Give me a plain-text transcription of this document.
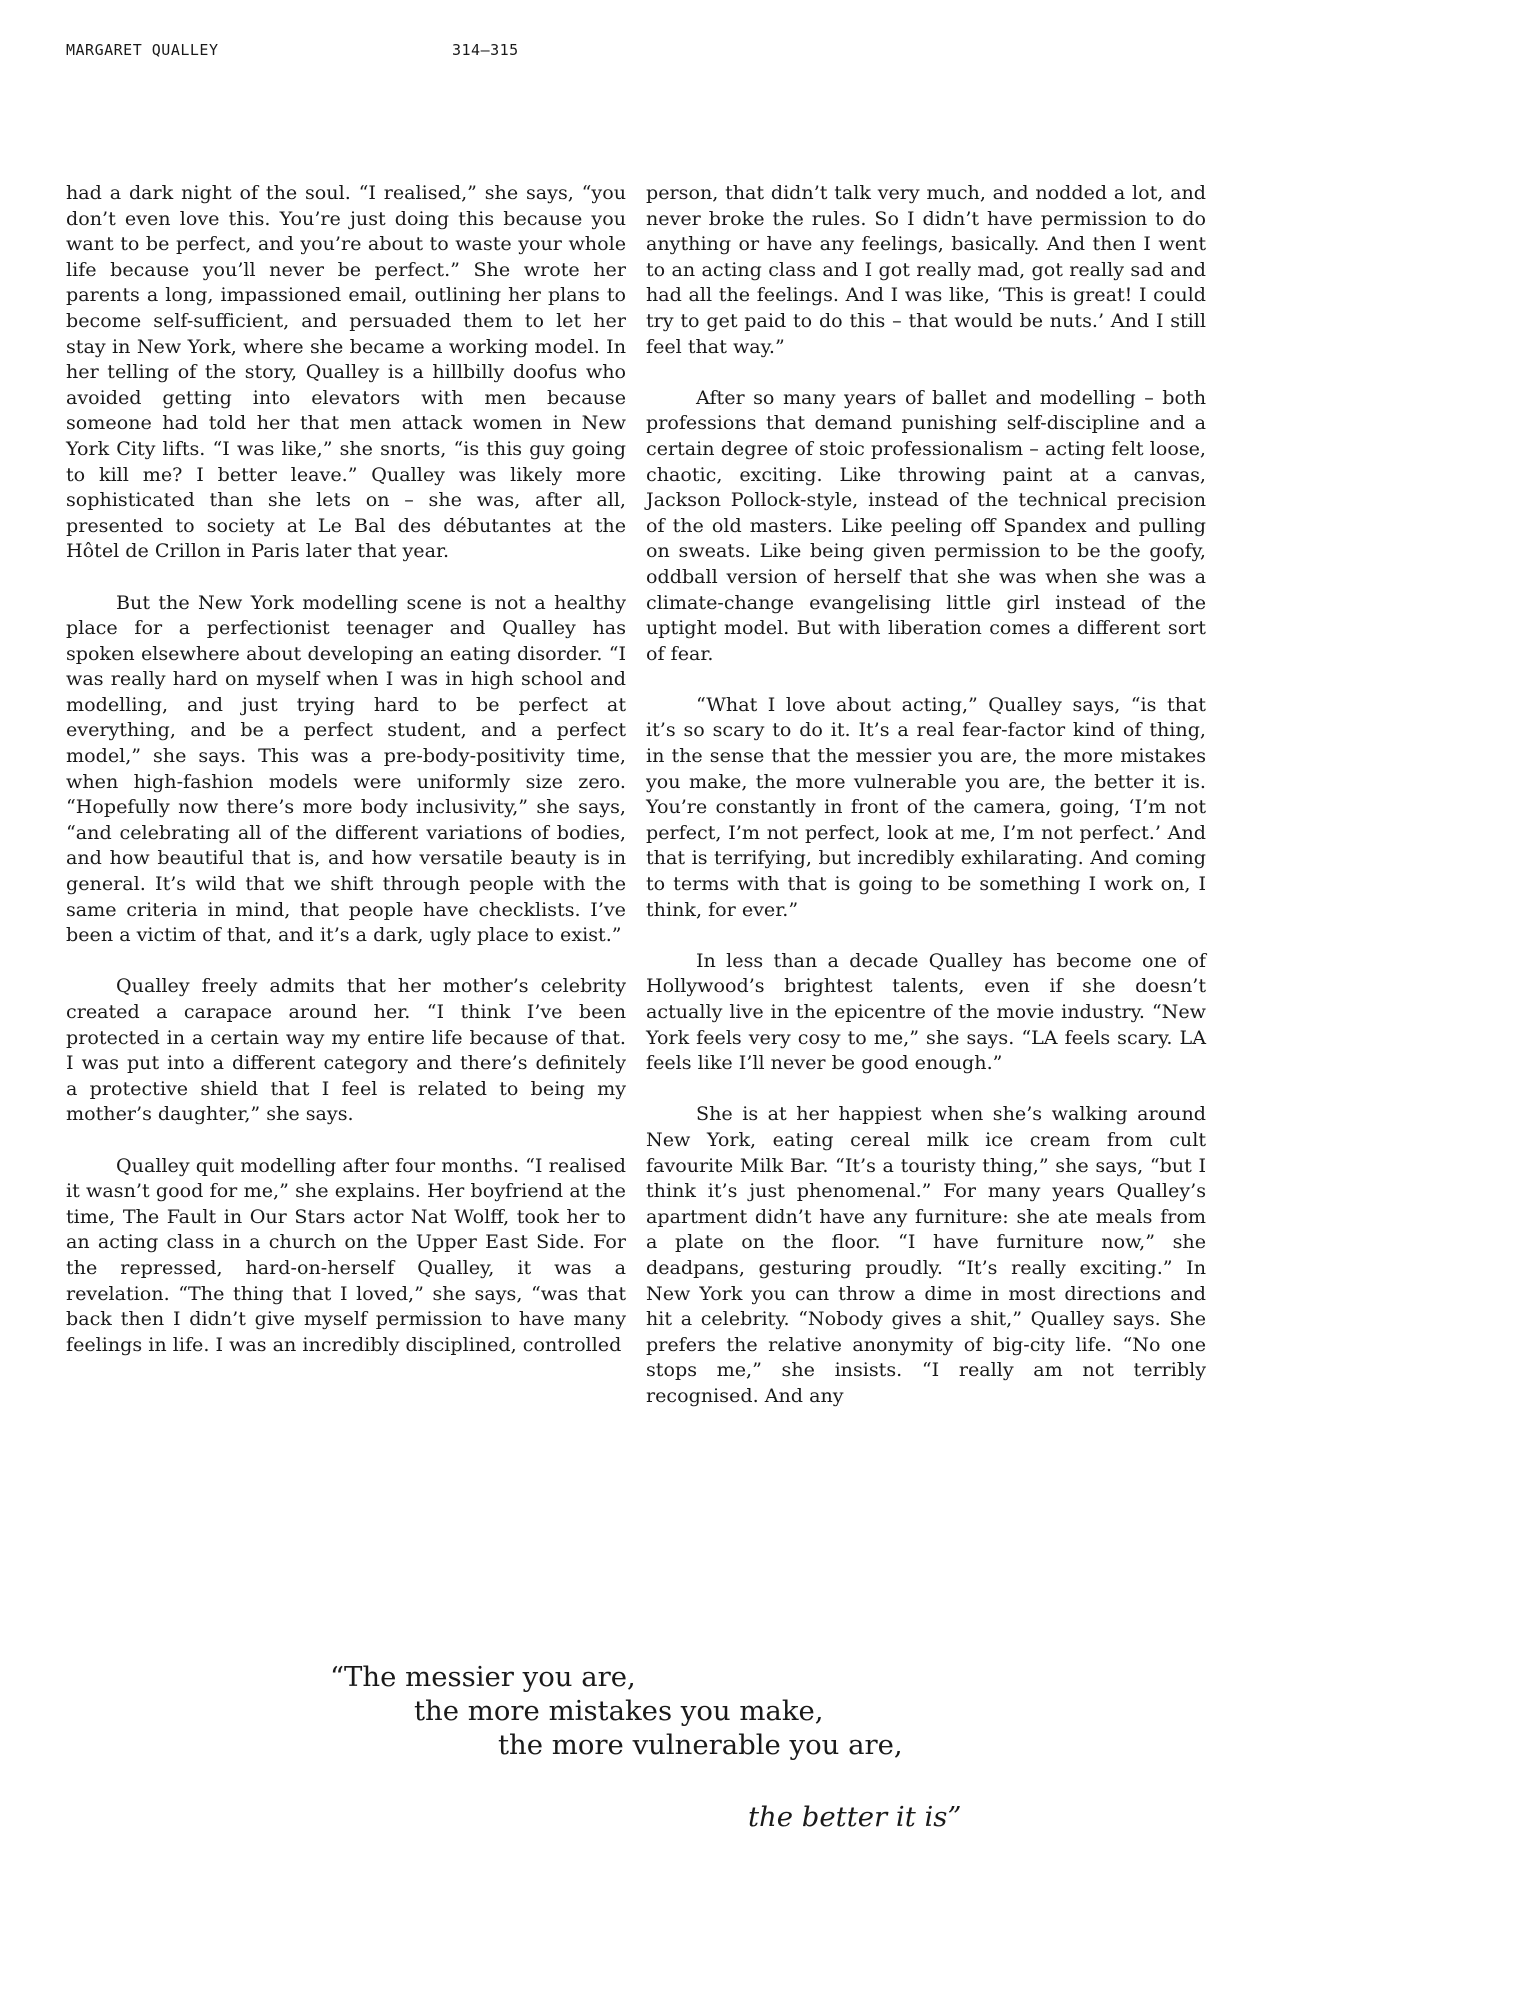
MARGARET QUALLEY	314—315

had a dark night of the soul. “I realised,” she says, “you don’t even love this. You’re just doing this because you want to be perfect, and you’re about to waste your whole life because you’ll never be perfect.” She wrote her parents a long, impassioned email, outlining her plans to become self-sufficient, and persuaded them to let her stay in New York, where she became a working model. In her telling of the story, Qualley is a hillbilly doofus who avoided getting into elevators with men because someone had told her that men attack women in New York City lifts. “I was like,” she snorts, “is this guy going to kill me? I better leave.” Qualley was likely more sophisticated than she lets on – she was, after all, presented to society at Le Bal des débutantes at the Hôtel de Crillon in Paris later that year.

But the New York modelling scene is not a healthy place for a perfectionist teenager and Qualley has spoken elsewhere about developing an eating disorder. “I was really hard on myself when I was in high school and modelling, and just trying hard to be perfect at everything, and be a perfect student, and a perfect model,” she says. This was a pre-body-positivity time, when high-fashion models were uniformly size zero. “Hopefully now there’s more body inclusivity,” she says, “and celebrating all of the different variations of bodies, and how beautiful that is, and how versatile beauty is in general. It’s wild that we shift through people with the same criteria in mind, that people have checklists. I’ve been a victim of that, and it’s a dark, ugly place to exist.”

Qualley freely admits that her mother’s celebrity created a carapace around her. “I think I’ve been protected in a certain way my entire life because of that. I was put into a different category and there’s definitely a protective shield that I feel is related to being my mother’s daughter,” she says.

Qualley quit modelling after four months. “I realised it wasn’t good for me,” she explains. Her boyfriend at the time, The Fault in Our Stars actor Nat Wolff, took her to an acting class in a church on the Upper East Side. For the repressed, hard-on-herself Qualley, it was a revelation. “The thing that I loved,” she says, “was that back then I didn’t give myself permission to have many feelings in life. I was an incredibly disciplined, controlled

person, that didn’t talk very much, and nodded a lot, and never broke the rules. So I didn’t have permission to do anything or have any feelings, basically. And then I went to an acting class and I got really mad, got really sad and had all the feelings. And I was like, ‘This is great! I could try to get paid to do this – that would be nuts.’ And I still feel that way.”

After so many years of ballet and modelling – both professions that demand punishing self-discipline and a certain degree of stoic professionalism – acting felt loose, chaotic, exciting. Like throwing paint at a canvas, Jackson Pollock-style, instead of the technical precision of the old masters. Like peeling off Spandex and pulling on sweats. Like being given permission to be the goofy, oddball version of herself that she was when she was a climate-change evangelising little girl instead of the uptight model. But with liberation comes a different sort of fear.

“What I love about acting,” Qualley says, “is that it’s so scary to do it. It’s a real fear-factor kind of thing, in the sense that the messier you are, the more mistakes you make, the more vulnerable you are, the better it is. You’re constantly in front of the camera, going, ‘I’m not perfect, I’m not perfect, look at me, I’m not perfect.’ And that is terrifying, but incredibly exhilarating. And coming to terms with that is going to be something I work on, I think, for ever.”

In less than a decade Qualley has become one of Hollywood’s brightest talents, even if she doesn’t actually live in the epicentre of the movie industry. “New York feels very cosy to me,” she says. “LA feels scary. LA feels like I’ll never be good enough.”

She is at her happiest when she’s walking around New York, eating cereal milk ice cream from cult favourite Milk Bar. “It’s a touristy thing,” she says, “but I think it’s just phenomenal.” For many years Qualley’s apartment didn’t have any furniture: she ate meals from a plate on the floor. “I have furniture now,” she deadpans, gesturing proudly. “It’s really exciting.” In New York you can throw a dime in most directions and hit a celebrity. “Nobody gives a shit,” Qualley says. She prefers the relative anonymity of big-city life. “No one stops me,” she insists. “I really am not terribly recognised. And any

“The messier you are,
the more mistakes you make,
the more vulnerable you are,
the better it is”
